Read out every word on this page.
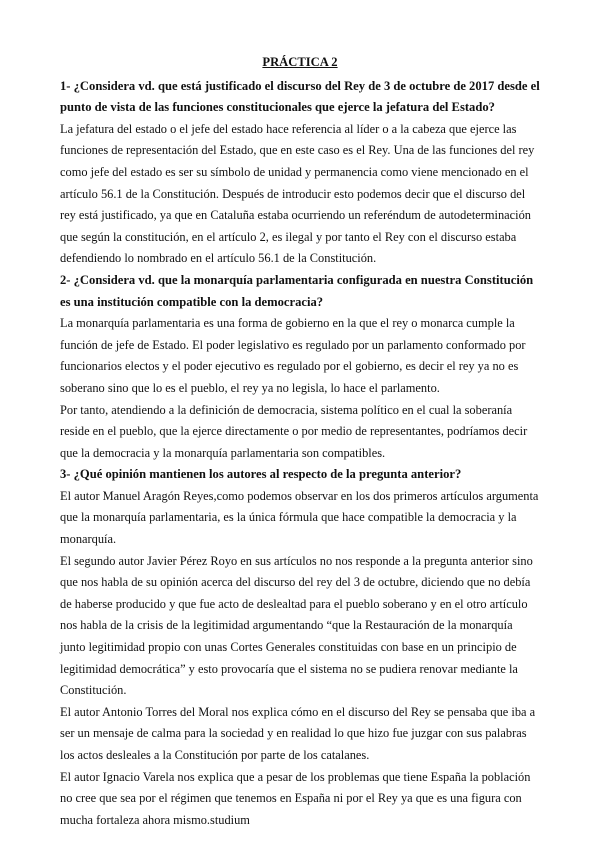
PRÁCTICA 2

1- ¿Considera vd. que está justificado el discurso del Rey de 3 de octubre de 2017 desde el punto de vista de las funciones constitucionales que ejerce la jefatura del Estado?

La jefatura del estado o el jefe del estado hace referencia al líder o a la cabeza que ejerce las funciones de representación del Estado, que en este caso es el Rey. Una de las funciones del rey como jefe del estado es ser su símbolo de unidad y permanencia como viene mencionado en el artículo 56.1 de la Constitución. Después de introducir esto podemos decir que el discurso del rey está justificado, ya que en Cataluña estaba ocurriendo un referéndum de autodeterminación que según la constitución, en el artículo 2, es ilegal y por tanto el Rey con el discurso estaba defendiendo lo nombrado en el artículo 56.1 de la Constitución.

2- ¿Considera vd. que la monarquía parlamentaria configurada en nuestra Constitución es una institución compatible con la democracia?

La monarquía parlamentaria es una forma de gobierno en la que el rey o monarca cumple la función de jefe de Estado. El poder legislativo es regulado por un parlamento conformado por funcionarios electos y el poder ejecutivo es regulado por el gobierno, es decir el rey ya no es soberano sino que lo es el pueblo, el rey ya no legisla, lo hace el parlamento.

Por tanto, atendiendo a la definición de democracia, sistema político en el cual la soberanía reside en el pueblo, que la ejerce directamente o por medio de representantes, podríamos decir que la democracia y la monarquía parlamentaria son compatibles.

3- ¿Qué opinión mantienen los autores al respecto de la pregunta anterior?

El autor Manuel Aragón Reyes,como podemos observar en los dos primeros artículos argumenta que la monarquía parlamentaria, es la única fórmula que hace compatible la democracia y la monarquía.

El segundo autor Javier Pérez Royo en sus artículos no nos responde a la pregunta anterior sino que nos habla de su opinión acerca del discurso del rey del 3 de octubre, diciendo que no debía de haberse producido y que fue acto de deslealtad para el pueblo soberano y en el otro artículo nos habla de la crisis de la legitimidad argumentando “que la Restauración de la monarquía junto legitimidad propio con unas Cortes Generales constituidas con base en un principio de legitimidad democrática” y esto provocaría que el sistema no se pudiera renovar mediante la Constitución.

El autor Antonio Torres del Moral nos explica cómo en el discurso del Rey se pensaba que iba a ser un mensaje de calma para la sociedad y en realidad lo que hizo fue juzgar con sus palabras los actos desleales a la Constitución por parte de los catalanes.

El autor Ignacio Varela nos explica que a pesar de los problemas que tiene España la población no cree que sea por el régimen que tenemos en España ni por el Rey ya que es una figura con mucha fortaleza ahora mismo.studium
